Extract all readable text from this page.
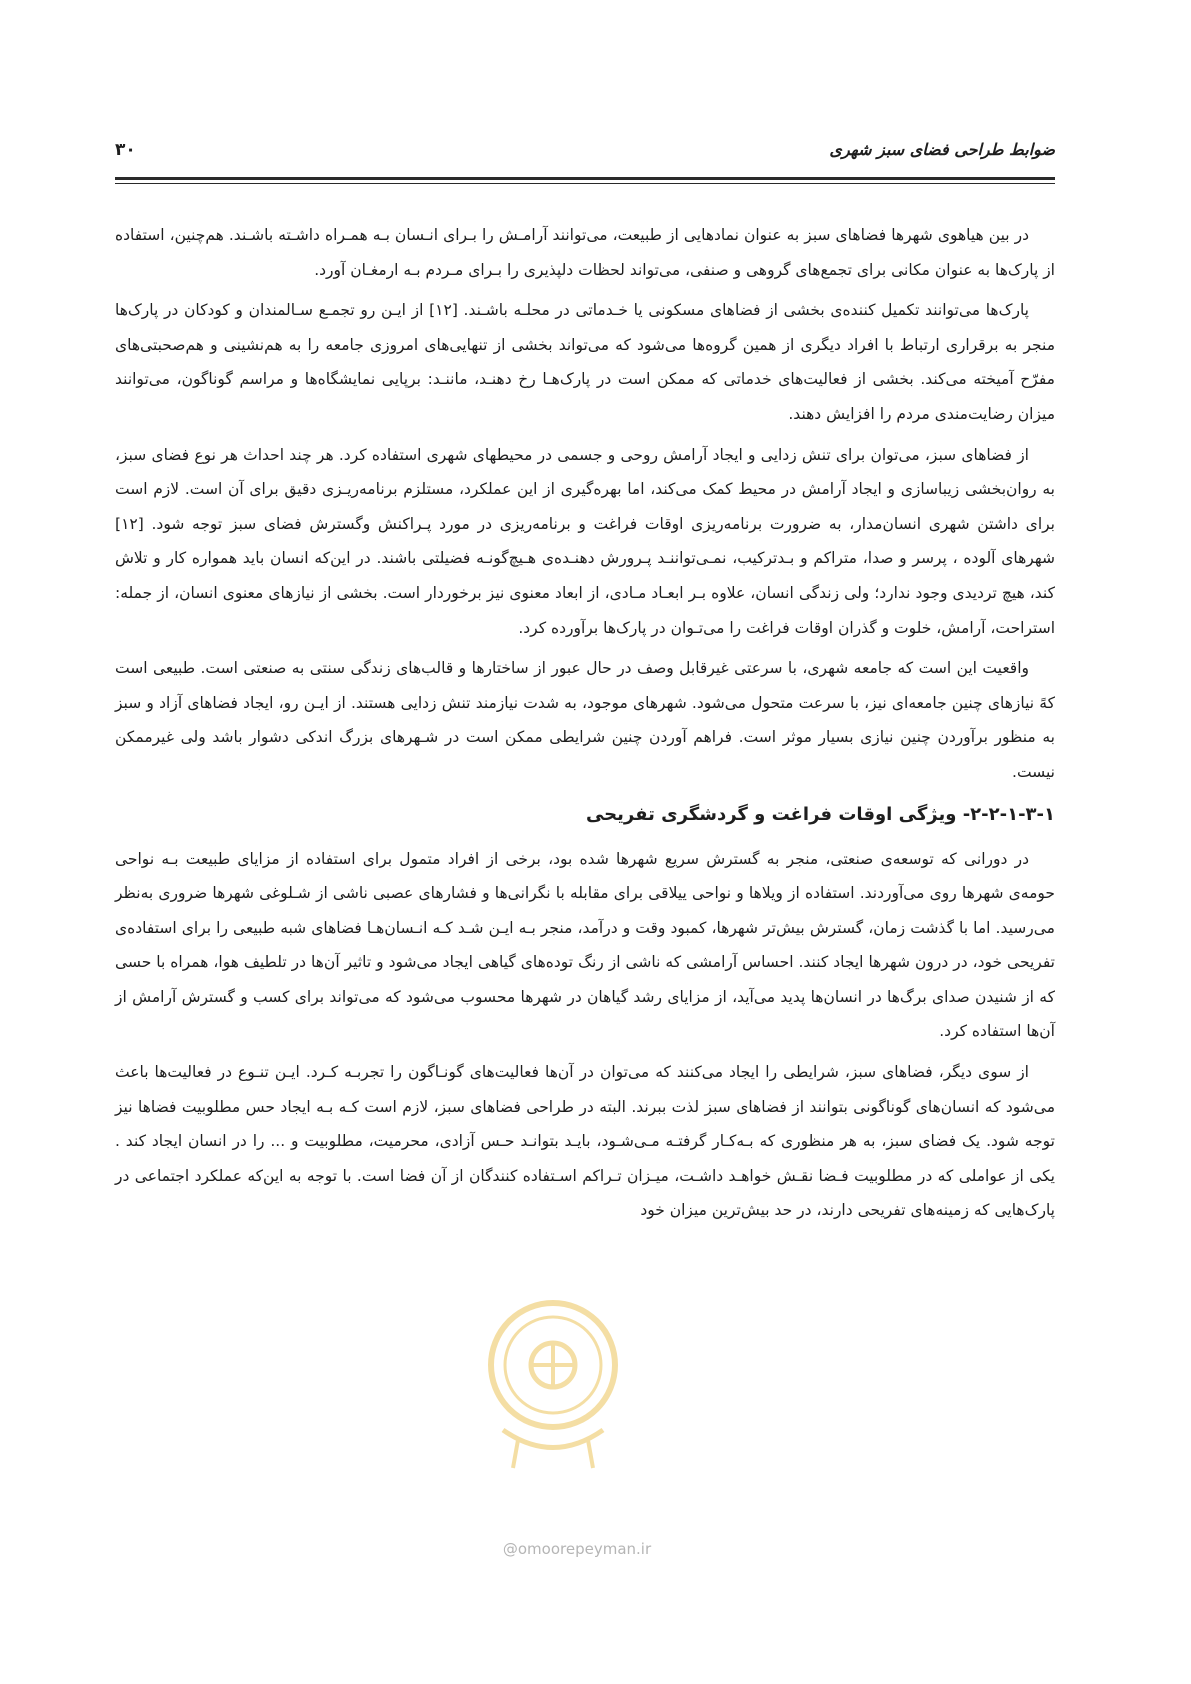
۳۰	ضوابط طراحی فضای سبز شهری

در بین هیاهوی شهرها فضاهای سبز به عنوان نمادهایی از طبیعت، می‌توانند آرامـش را بـرای انـسان بـه همـراه داشـته باشـند. هم‌چنین، استفاده از پارک‌ها به عنوان مکانی برای تجمع‌های گروهی و صنفی، می‌تواند لحظات دلپذیری را بـرای مـردم بـه ارمغـان آورد.

پارک‌ها می‌توانند تکمیل کننده‌ی بخشی از فضاهای مسکونی یا خـدماتی در محلـه باشـند. [۱۲] از ایـن رو تجمـع سـالمندان و کودکان در پارک‌ها منجر به برقراری ارتباط با افراد دیگری از همین گروه‌ها می‌شود که می‌تواند بخشی از تنهایی‌های امروزی جامعه را به هم‌نشینی و هم‌صحبتی‌های مفرّح آمیخته می‌کند. بخشی از فعالیت‌های خدماتی که ممکن است در پارک‌هـا رخ دهنـد، ماننـد: برپایی نمایشگاه‌ها و مراسم گوناگون، می‌توانند میزان رضایت‌مندی مردم را افزایش دهند.

از فضاهای سبز، می‌توان برای تنش زدایی و ایجاد آرامش روحی و جسمی در محیطهای شهری استفاده کرد. هر چند احداث هر نوع فضای سبز، به روان‌بخشی زیباسازی و ایجاد آرامش در محیط کمک می‌کند، اما بهره‌گیری از این عملکرد، مستلزم برنامه‌ریـزی دقیق برای آن است. لازم است برای داشتن شهری انسان‌مدار، به ضرورت برنامه‌ریزی اوقات فراغت و برنامه‌ریزی در مورد پـراکنش وگسترش فضای سبز توجه شود. [۱۲] شهرهای آلوده ، پرسر و صدا، متراکم و بـدترکیب، نمـی‌تواننـد پـرورش دهنـده‌ی هـیچ‌گونـه فضیلتی باشند. در این‌که انسان باید همواره کار و تلاش کند، هیچ تردیدی وجود ندارد؛ ولی زندگی انسان، علاوه بـر ابعـاد مـادی، از ابعاد معنوی نیز برخوردار است. بخشی از نیازهای معنوی انسان، از جمله: استراحت، آرامش، خلوت و گذران اوقات فراغت را می‌تـوان در پارک‌ها برآورده کرد.

واقعیت این است که جامعه شهری، با سرعتی غیرقابل وصف در حال عبور از ساختارها و قالب‌های زندگی سنتی به صنعتی است. طبیعی است کهً نیازهای چنین جامعه‌ای نیز، با سرعت متحول می‌شود. شهرهای موجود، به شدت نیازمند تنش زدایی هستند. از ایـن رو، ایجاد فضاهای آزاد و سبز به منظور برآوردن چنین نیازی بسیار موثر است. فراهم آوردن چنین شرایطی ممکن است در شـهرهای بزرگ اندکی دشوار باشد ولی غیرممکن نیست.

۲-۲-۱-۳-۱- ویژگی اوقات فراغت و گردشگری تفریحی

در دورانی که توسعه‌ی صنعتی، منجر به گسترش سریع شهرها شده بود، برخی از افراد متمول برای استفاده از مزایای طبیعت بـه نواحی حومه‌ی شهرها روی می‌آوردند. استفاده از ویلاها و نواحی ییلاقی برای مقابله با نگرانی‌ها و فشارهای عصبی ناشی از شـلوغی شهرها ضروری به‌نظر می‌رسید. اما با گذشت زمان، گسترش بیش‌تر شهرها، کمبود وقت و درآمد، منجر بـه ایـن شـد کـه انـسان‌هـا فضاهای شبه طبیعی را برای استفاده‌ی تفریحی خود، در درون شهرها ایجاد کنند. احساس آرامشی که ناشی از رنگ توده‌های گیاهی ایجاد می‌شود و تاثیر آن‌ها در تلطیف هوا، همراه با حسی که از شنیدن صدای برگ‌ها در انسان‌ها پدید می‌آید، از مزایای رشد گیاهان در شهرها محسوب می‌شود که می‌تواند برای کسب و گسترش آرامش از آن‌ها استفاده کرد.

از سوی دیگر، فضاهای سبز، شرایطی را ایجاد می‌کنند که می‌توان در آن‌ها فعالیت‌های گونـاگون را تجربـه کـرد. ایـن تنـوع در فعالیت‌ها باعث می‌شود که انسان‌های گوناگونی بتوانند از فضاهای سبز لذت ببرند. البته در طراحی فضاهای سبز، لازم است کـه بـه ایجاد حس مطلوبیت فضاها نیز توجه شود. یک فضای سبز، به هر منظوری که بـه‌کـار گرفتـه مـی‌شـود، بایـد بتوانـد حـس آزادی، محرمیت، مطلوبیت و ... را در انسان ایجاد کند . یکی از عواملی که در مطلوبیت فـضا نقـش خواهـد داشـت، میـزان تـراکم اسـتفاده کنندگان از آن فضا است. با توجه به این‌که عملکرد اجتماعی در پارک‌هایی که زمینه‌های تفریحی دارند، در حد بیش‌ترین میزان خود

@omoorepeyman.ir
